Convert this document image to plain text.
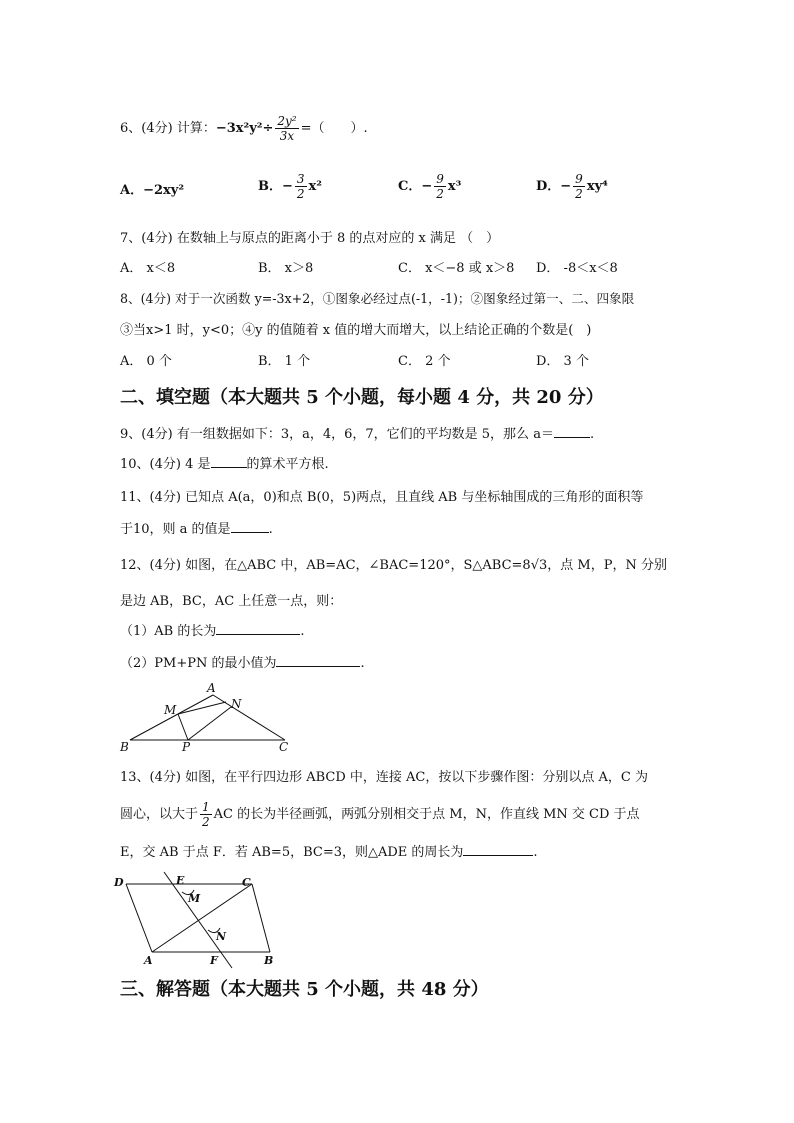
6、(4分) 计算：$-3x^2y^2\div \frac{\text{2y²}}{3x}$ =（　　）.
A．−2xy²	B．− $\frac{3}{2} x^2$	C．− $\frac{9}{2} x^3$	D．− $\frac{9}{2} xy^4$
7、(4分) 在数轴上与原点的距离小于 8 的点对应的 x 满足 （　）
A． x＜8	B． x＞8	C． x＜−8 或 x＞8 D． -8＜x＜8
8、(4分) 对于一次函数 y=-3x+2，①图象必经过点(-1，-1)；②图象经过第一、二、四象限
③当x>1 时，y<0；④y 的值随着 x 值的增大而增大，以上结论正确的个数是(　)
A． 0 个	B． 1 个	C． 2 个	D． 3 个
二、填空题（本大题共 5 个小题，每小题 4 分，共 20 分）
9、(4分) 有一组数据如下：3，a，4，6，7，它们的平均数是 5，那么 a＝	.
10、(4分) 4 是	的算术平方根.
11、(4分) 已知点 A(a，0)和点 B(0，5)两点，且直线 AB 与坐标轴围成的三角形的面积等
于10，则 a 的值是	.
12、(4分) 如图，在△ABC 中，AB=AC，∠BAC=120°，S△ABC=8√3，点 M，P，N 分别
是边 AB，BC，AC 上任意一点，则：
（1）AB 的长为	.
（2）PM+PN 的最小值为	.
A
M	N
B	P	C
13、(4分) 如图，在平行四边形 ABCD 中，连接 AC，按以下步骤作图：分别以点 A，C 为
圆心，以大于 $\frac{1}{2}$ AC 的长为半径画弧，两弧分别相交于点 M，N，作直线 MN 交 CD 于点
E，交 AB 于点 F．若 AB=5，BC=3，则△ADE 的周长为	.
D	E	C
M
N
A	F	B
三、解答题（本大题共 5 个小题，共 48 分）
